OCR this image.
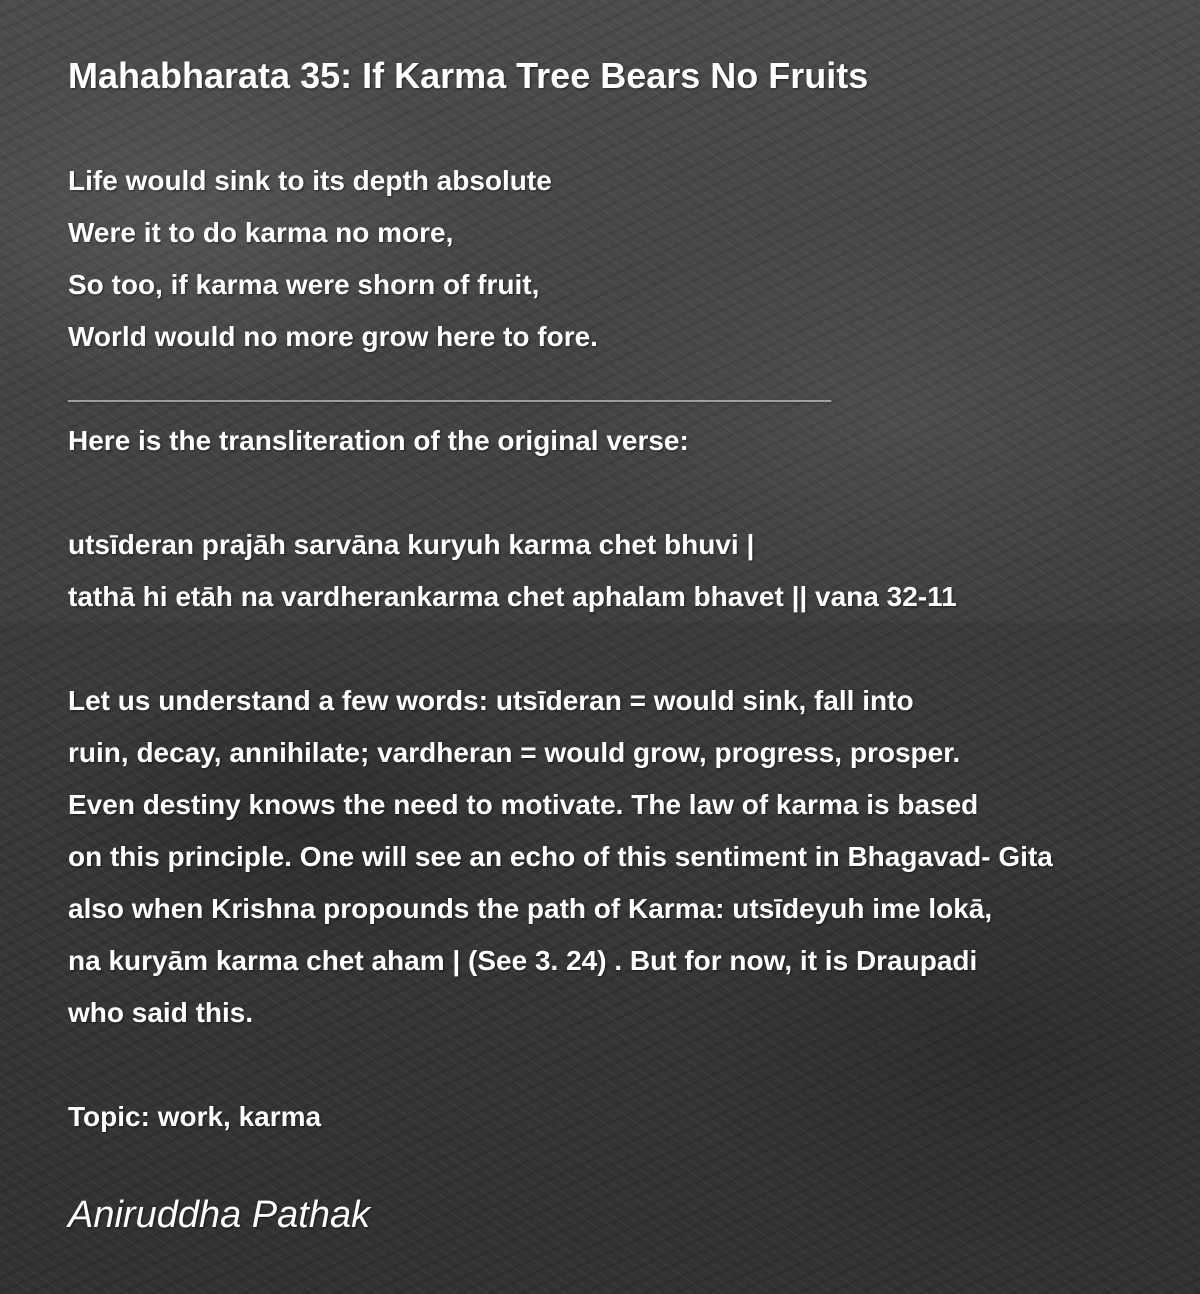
Mahabharata 35: If Karma Tree Bears No Fruits
Life would sink to its depth absolute
Were it to do karma no more,
So too, if karma were shorn of fruit,
World would no more grow here to fore.
_________________________________________________
Here is the transliteration of the original verse:
utsīderan prajāh sarvāna kuryuh karma chet bhuvi |
tathā hi etāh na vardherankarma chet aphalam bhavet || vana 32-11
Let us understand a few words: utsīderan = would sink, fall into
ruin, decay, annihilate; vardheran = would grow, progress, prosper.
Even destiny knows the need to motivate. The law of karma is based
on this principle. One will see an echo of this sentiment in Bhagavad- Gita
also when Krishna propounds the path of Karma: utsīdeyuh ime lokā,
na kuryām karma chet aham | (See 3. 24) . But for now, it is Draupadi
who said this.
Topic: work, karma
Aniruddha Pathak
